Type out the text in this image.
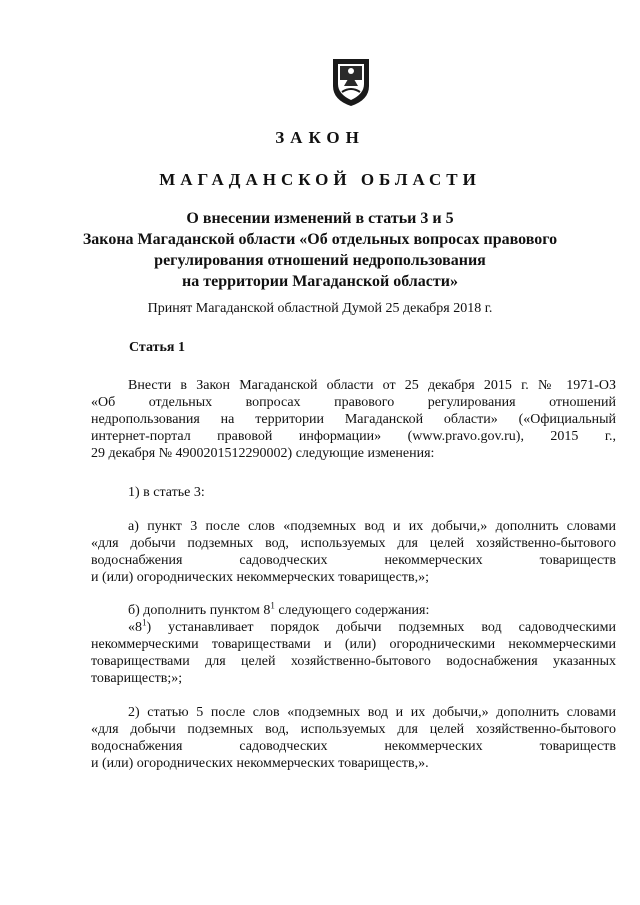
ЗАКОН
МАГАДАНСКОЙ ОБЛАСТИ
О внесении изменений в статьи 3 и 5
Закона Магаданской области «Об отдельных вопросах правового
регулирования отношений недропользования
на территории Магаданской области»
Принят Магаданской областной Думой 25 декабря 2018 г.
Статья 1
Внести в Закон Магаданской области от 25 декабря 2015 г. № 1971-ОЗ
«Об отдельных вопросах правового регулирования отношений
недропользования на территории Магаданской области» («Официальный
интернет-портал правовой информации» (www.pravo.gov.ru), 2015 г.,
29 декабря № 4900201512290002) следующие изменения:
1) в статье 3:
а) пункт 3 после слов «подземных вод и их добычи,» дополнить словами
«для добычи подземных вод, используемых для целей хозяйственно-бытового
водоснабжения садоводческих некоммерческих товариществ
и (или) огороднических некоммерческих товариществ,»;
б) дополнить пунктом $8^1$ следующего содержания:
«$8^1$) устанавливает порядок добычи подземных вод садоводческими
некоммерческими товариществами и (или) огородническими некоммерческими
товариществами для целей хозяйственно-бытового водоснабжения указанных
товариществ;»;
2) статью 5 после слов «подземных вод и их добычи,» дополнить словами
«для добычи подземных вод, используемых для целей хозяйственно-бытового
водоснабжения садоводческих некоммерческих товариществ
и (или) огороднических некоммерческих товариществ,».
